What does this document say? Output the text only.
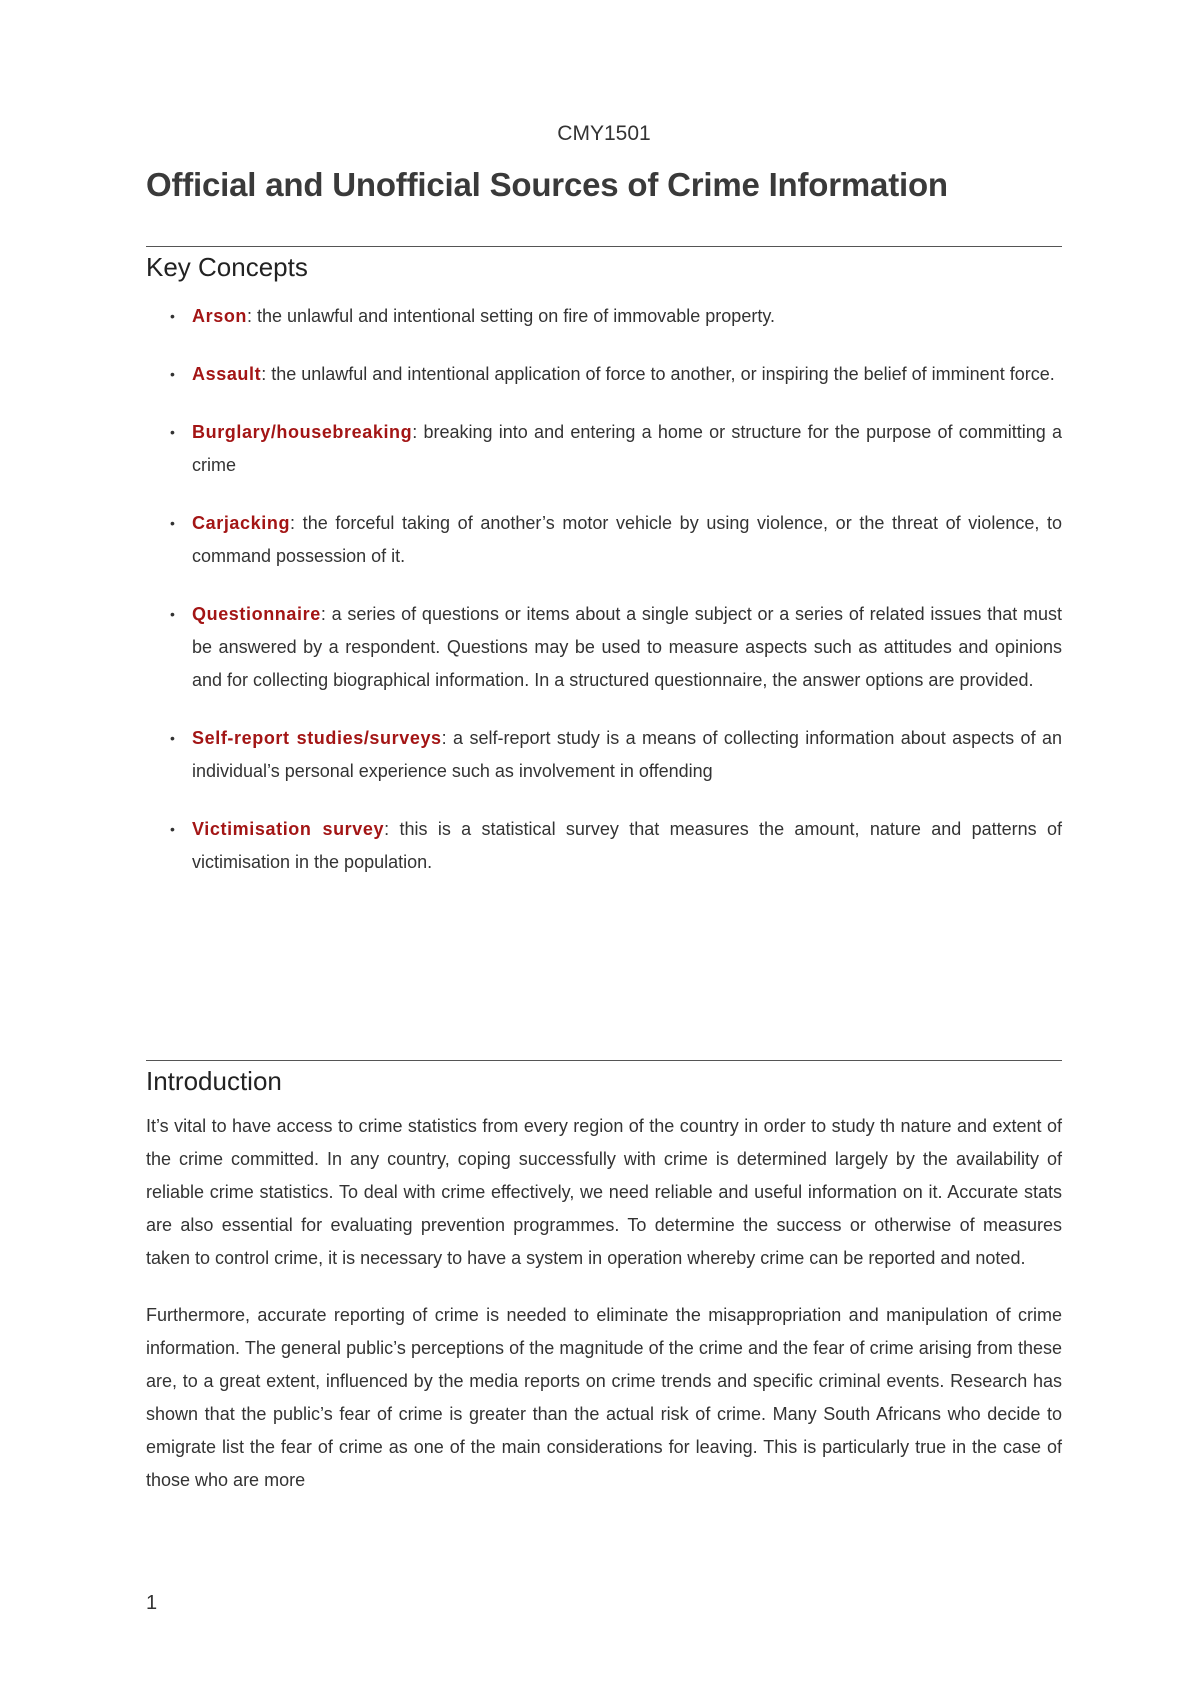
CMY1501
Official and Unofficial Sources of Crime Information
Key Concepts
• Arson: the unlawful and intentional setting on fire of immovable property.
• Assault: the unlawful and intentional application of force to another, or inspiring the belief of imminent force.
• Burglary/housebreaking: breaking into and entering a home or structure for the purpose of committing a crime
• Carjacking: the forceful taking of another’s motor vehicle by using violence, or the threat of violence, to command possession of it.
• Questionnaire: a series of questions or items about a single subject or a series of related issues that must be answered by a respondent. Questions may be used to measure aspects such as attitudes and opinions and for collecting biographical information. In a structured questionnaire, the answer options are provided.
• Self-report studies/surveys: a self-report study is a means of collecting information about aspects of an individual’s personal experience such as involvement in offending
• Victimisation survey: this is a statistical survey that measures the amount, nature and patterns of victimisation in the population.
Introduction

It’s vital to have access to crime statistics from every region of the country in order to study th nature and extent of the crime committed. In any country, coping successfully with crime is determined largely by the availability of reliable crime statistics. To deal with crime effectively, we need reliable and useful information on it. Accurate stats are also essential for evaluating prevention programmes. To determine the success or otherwise of measures taken to control crime, it is necessary to have a system in operation whereby crime can be reported and noted.

Furthermore, accurate reporting of crime is needed to eliminate the misappropriation and manipulation of crime information. The general public’s perceptions of the magnitude of the crime and the fear of crime arising from these are, to a great extent, influenced by the media reports on crime trends and specific criminal events. Research has shown that the public’s fear of crime is greater than the actual risk of crime. Many South Africans who decide to emigrate list the fear of crime as one of the main considerations for leaving. This is particularly true in the case of those who are more

1
